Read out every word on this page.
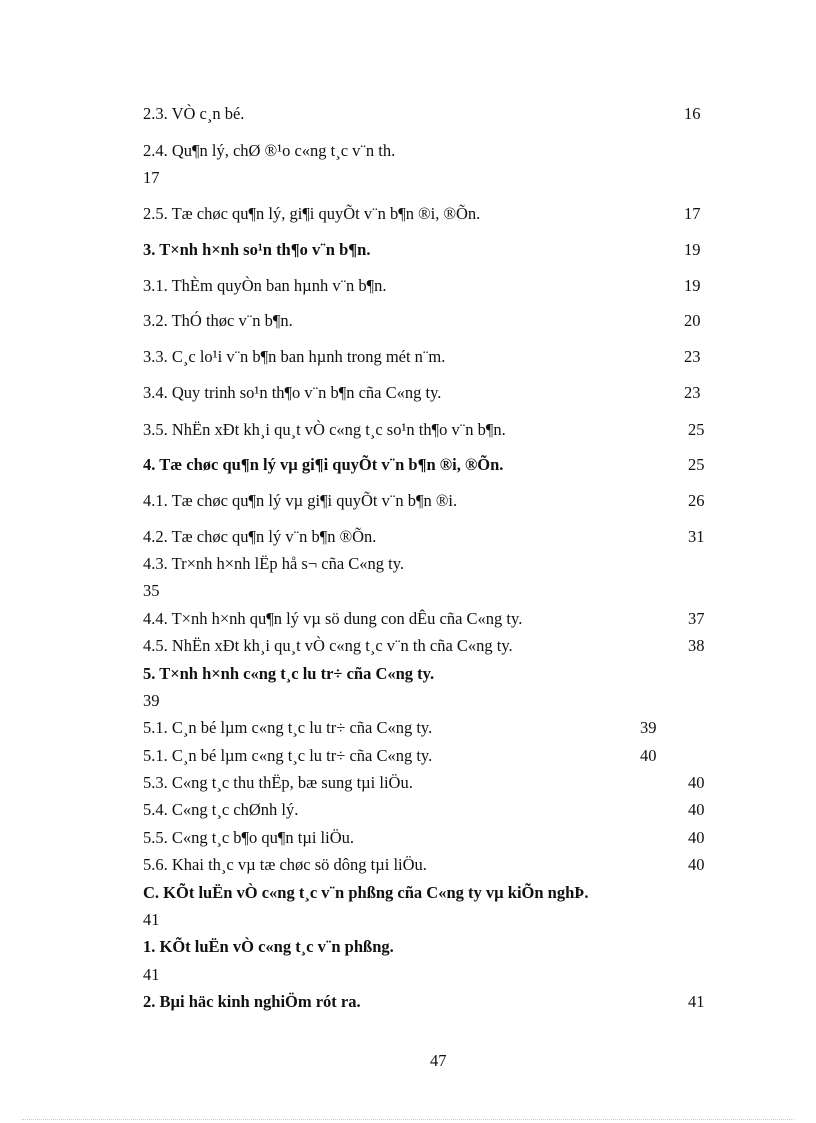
2.3. VÒ c¸n bé.	16
2.4. Qu¶n lý, chØ ®¹o c«ng t¸c v¨n th.
17
2.5. Tæ chøc qu¶n lý, gi¶i quyÕt v¨n b¶n ®i, ®Õn.	17
3. T×nh h×nh so¹n th¶o v¨n b¶n.	19
3.1. ThÈm quyÒn ban hµnh v¨n b¶n.	19
3.2. ThÓ thøc v¨n b¶n.	20
3.3. C¸c lo¹i v¨n b¶n ban hµnh trong mét n¨m.	23
3.4. Quy trinh so¹n th¶o v¨n b¶n cña C«ng ty.	23
3.5. NhËn xÐt kh¸i qu¸t vÒ c«ng t¸c so¹n th¶o v¨n b¶n.	25
4. Tæ chøc qu¶n lý vµ gi¶i quyÕt v¨n b¶n ®i, ®Õn.	25
4.1. Tæ chøc qu¶n lý vµ gi¶i quyÕt v¨n b¶n ®i.	26
4.2. Tæ chøc qu¶n lý v¨n b¶n ®Õn.	31
4.3. Tr×nh h×nh lËp hå s¬ cña C«ng ty.
35
4.4. T×nh h×nh qu¶n lý vµ sö dung con dÊu cña C«ng ty.	37
4.5. NhËn xÐt kh¸i qu¸t vÒ c«ng t¸c v¨n th cña C«ng ty.	38
5. T×nh h×nh c«ng t¸c lu tr÷ cña C«ng ty.
39
5.1. C¸n bé lµm c«ng t¸c lu tr÷ cña C«ng ty.	39
5.1. C¸n bé lµm c«ng t¸c lu tr÷ cña C«ng ty.	40
5.3. C«ng t¸c thu thËp, bæ sung tµi liÖu.	40
5.4. C«ng t¸c chØnh lý.	40
5.5. C«ng t¸c b¶o qu¶n tµi liÖu.	40
5.6. Khai th¸c vµ tæ chøc sö dông tµi liÖu.	40
C. KÕt luËn vÒ c«ng t¸c v¨n phßng cña C«ng ty vµ kiÕn nghÞ.
41
1. KÕt luËn vÒ c«ng t¸c v¨n phßng.
41
2. Bµi häc kinh nghiÖm rót ra.	41
47
